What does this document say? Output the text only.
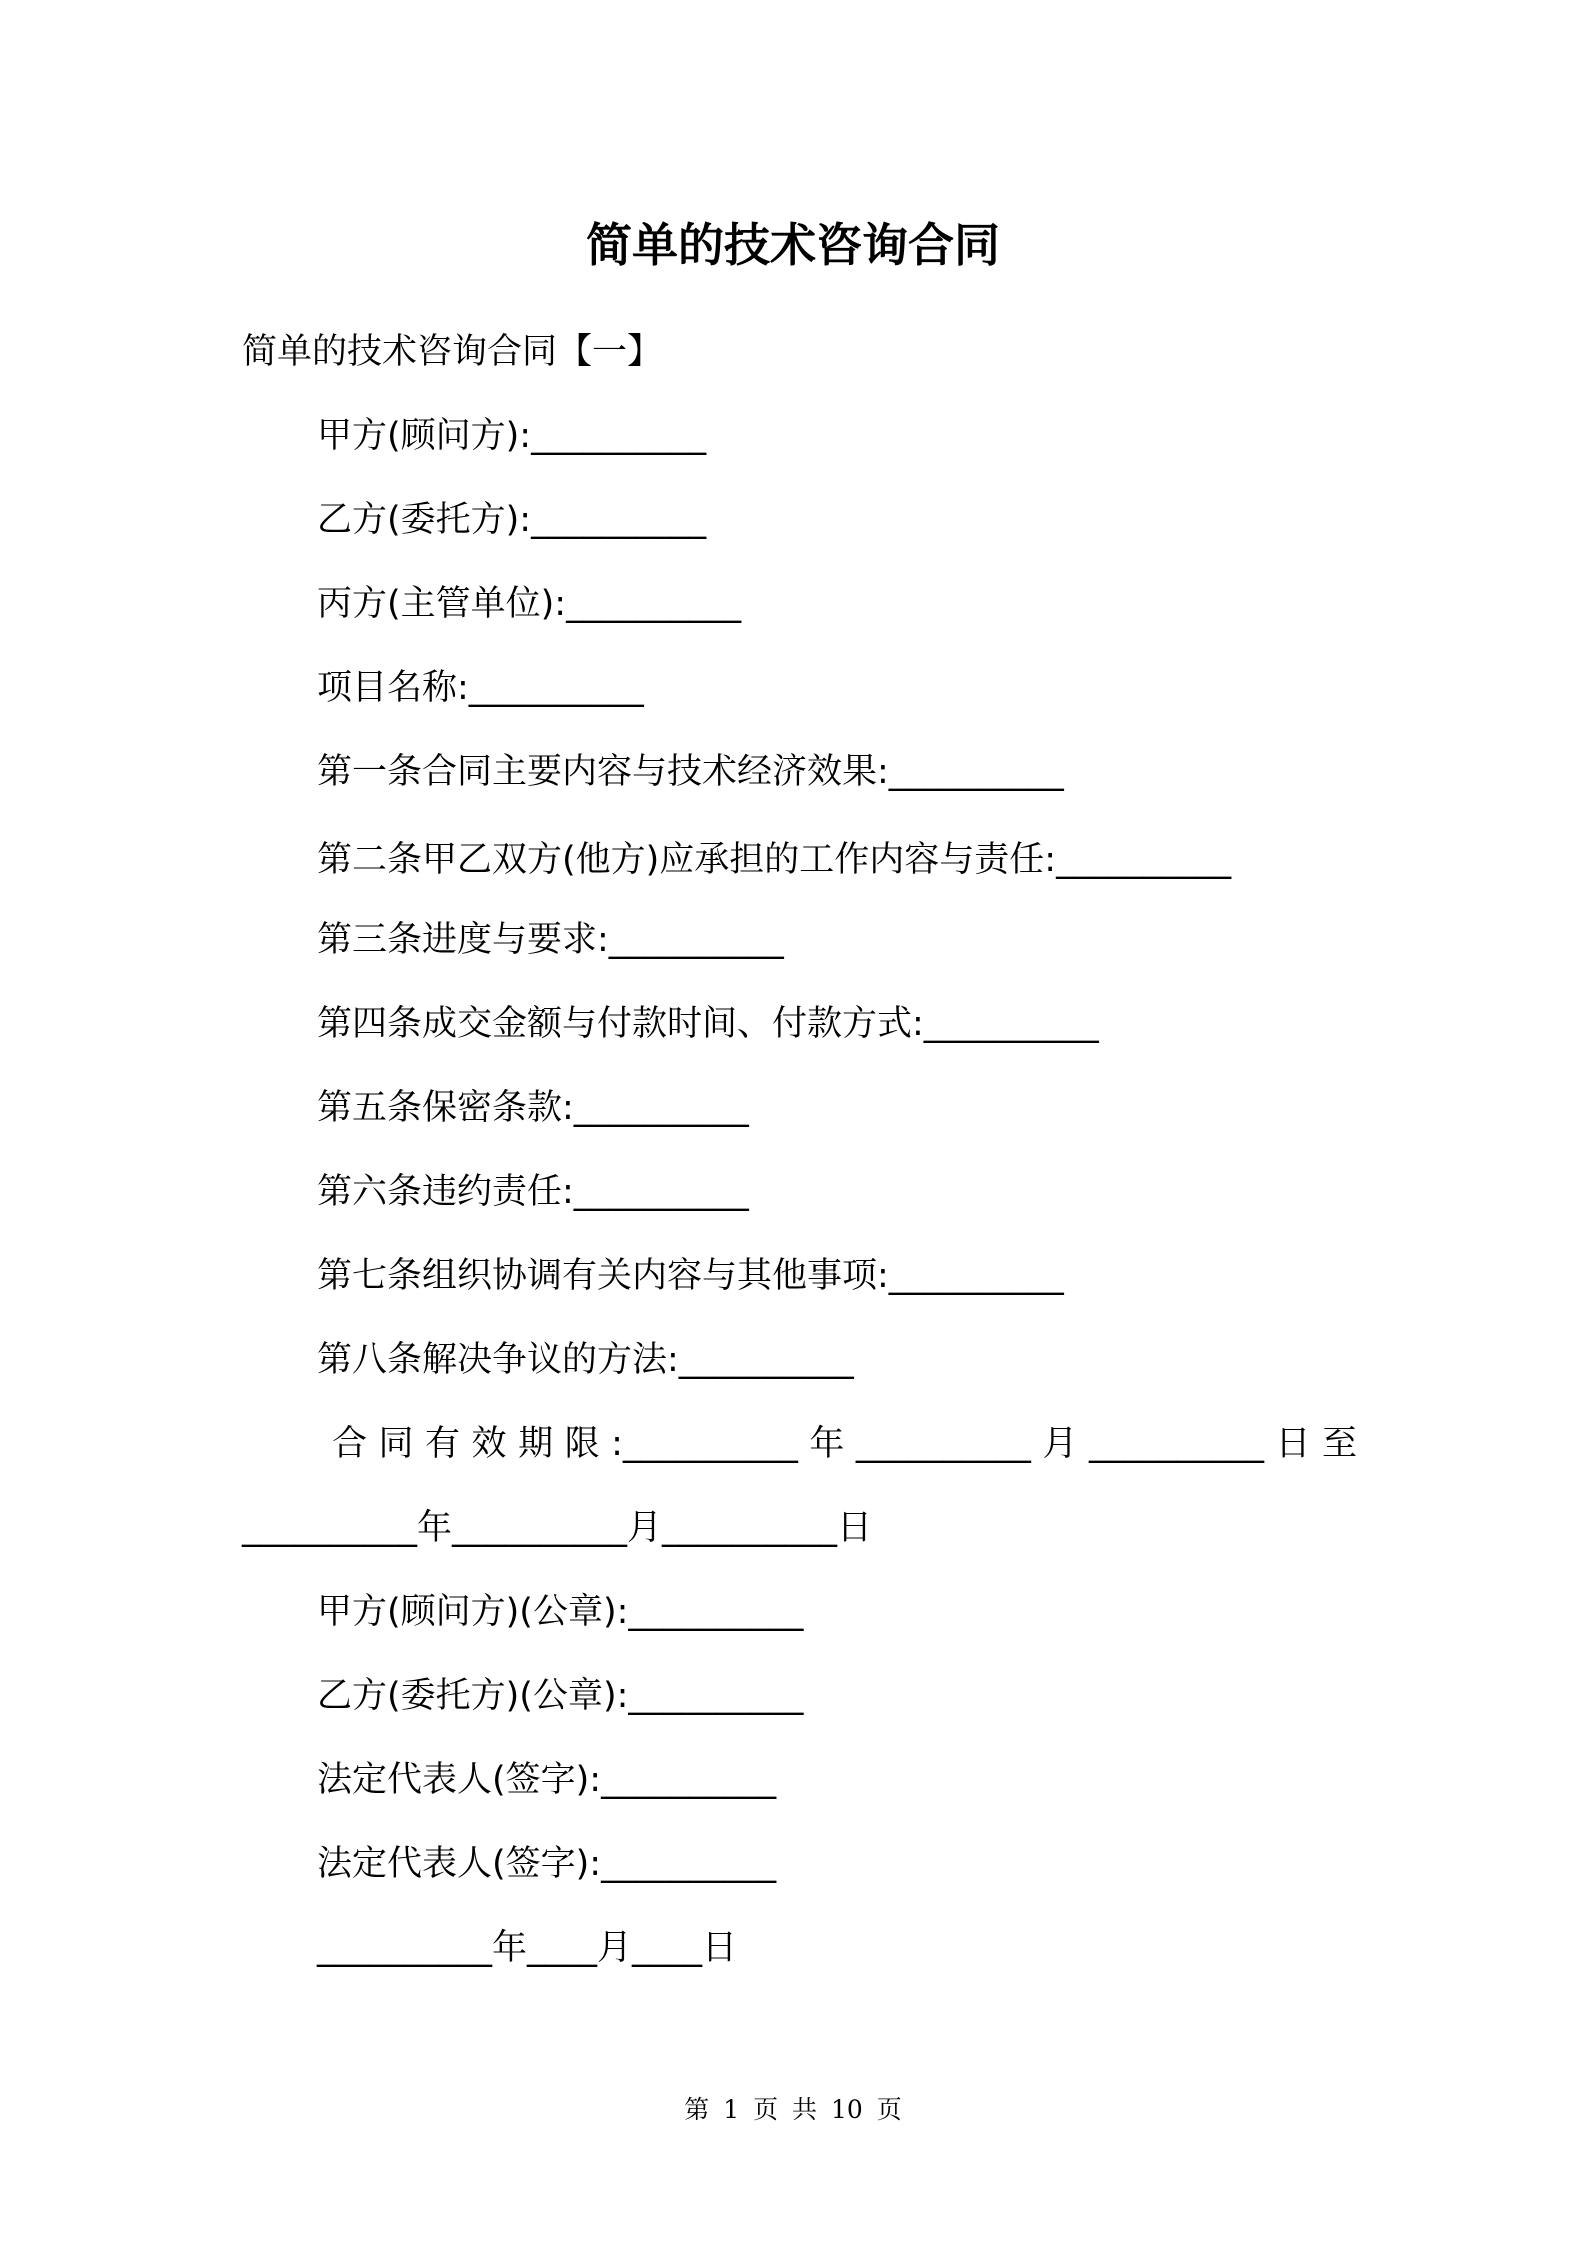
简单的技术咨询合同
简单的技术咨询合同【一】

甲方(顾问方):__________

乙方(委托方):__________

丙方(主管单位):__________

项目名称:__________

第一条合同主要内容与技术经济效果:__________

第二条甲乙双方(他方)应承担的工作内容与责任:__________

第三条进度与要求:__________

第四条成交金额与付款时间、付款方式:__________

第五条保密条款:__________

第六条违约责任:__________

第七条组织协调有关内容与其他事项:__________

第八条解决争议的方法:__________

合同有效期限:__________年__________月__________日至

__________年__________月__________日

甲方(顾问方)(公章):__________

乙方(委托方)(公章):__________

法定代表人(签字):__________

法定代表人(签字):__________

__________年____月____日

第 1 页 共 10 页
